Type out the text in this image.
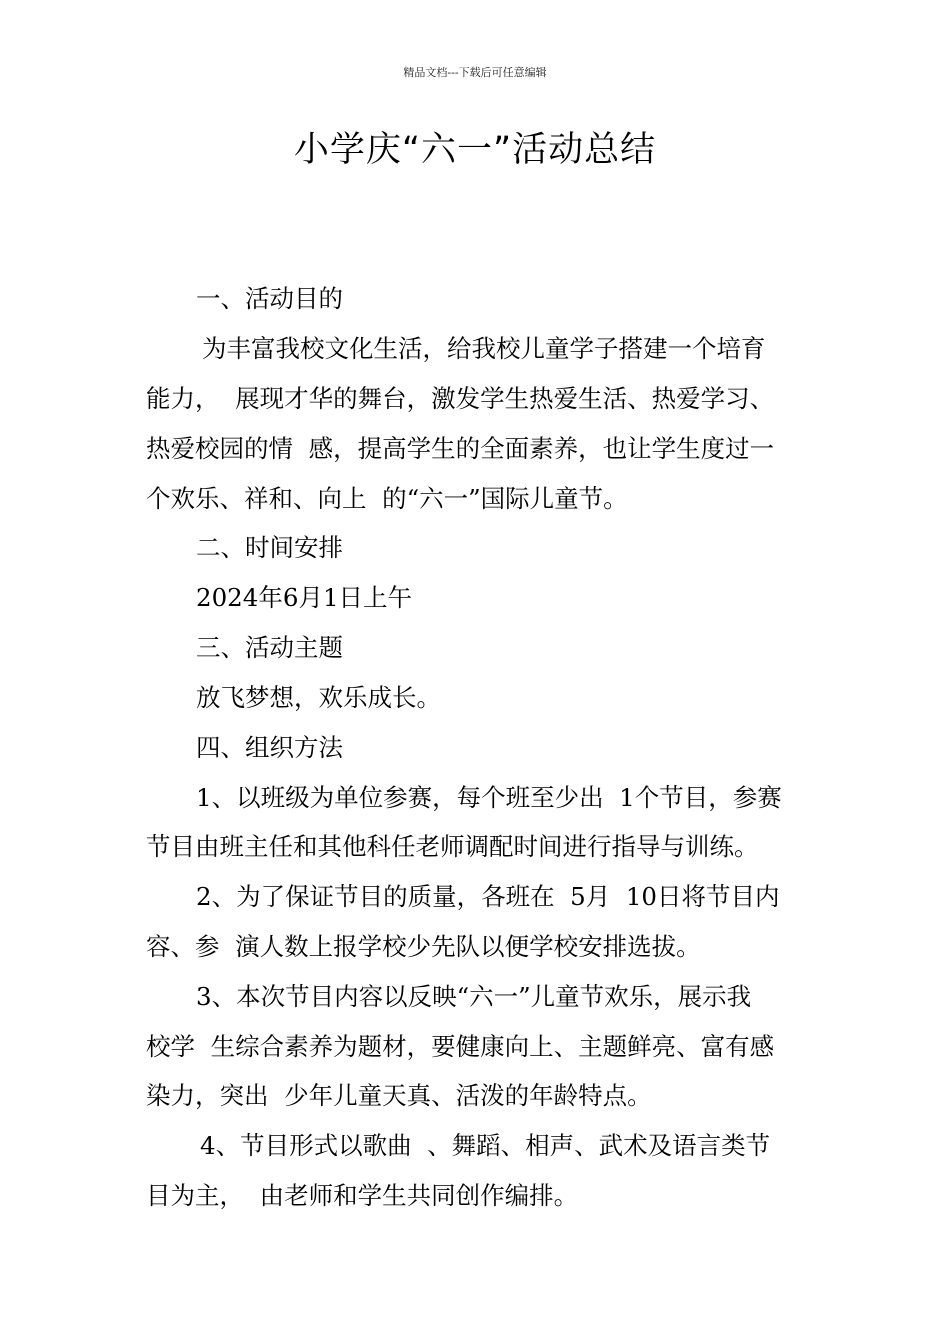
精品文档---下载后可任意编辑
小学庆“六一”活动总结
一、活动目的
为丰富我校文化生活，给我校儿童学子搭建一个培育
能力，  展现才华的舞台，激发学生热爱生活、热爱学习、
热爱校园的情  感，提高学生的全面素养，也让学生度过一
个欢乐、祥和、向上  的“六一”国际儿童节。
二、时间安排
2024年6月1日上午
三、活动主题
放飞梦想，欢乐成长。
四、组织方法
1、以班级为单位参赛，每个班至少出  1个节目，参赛
节目由班主任和其他科任老师调配时间进行指导与训练。
2、为了保证节目的质量，各班在  5月  10日将节目内
容、参  演人数上报学校少先队以便学校安排选拔。
3、本次节目内容以反映“六一”儿童节欢乐，展示我
校学  生综合素养为题材，要健康向上、主题鲜亮、富有感
染力，突出  少年儿童天真、活泼的年龄特点。
4、节目形式以歌曲  、舞蹈、相声、武术及语言类节
目为主，  由老师和学生共同创作编排。
